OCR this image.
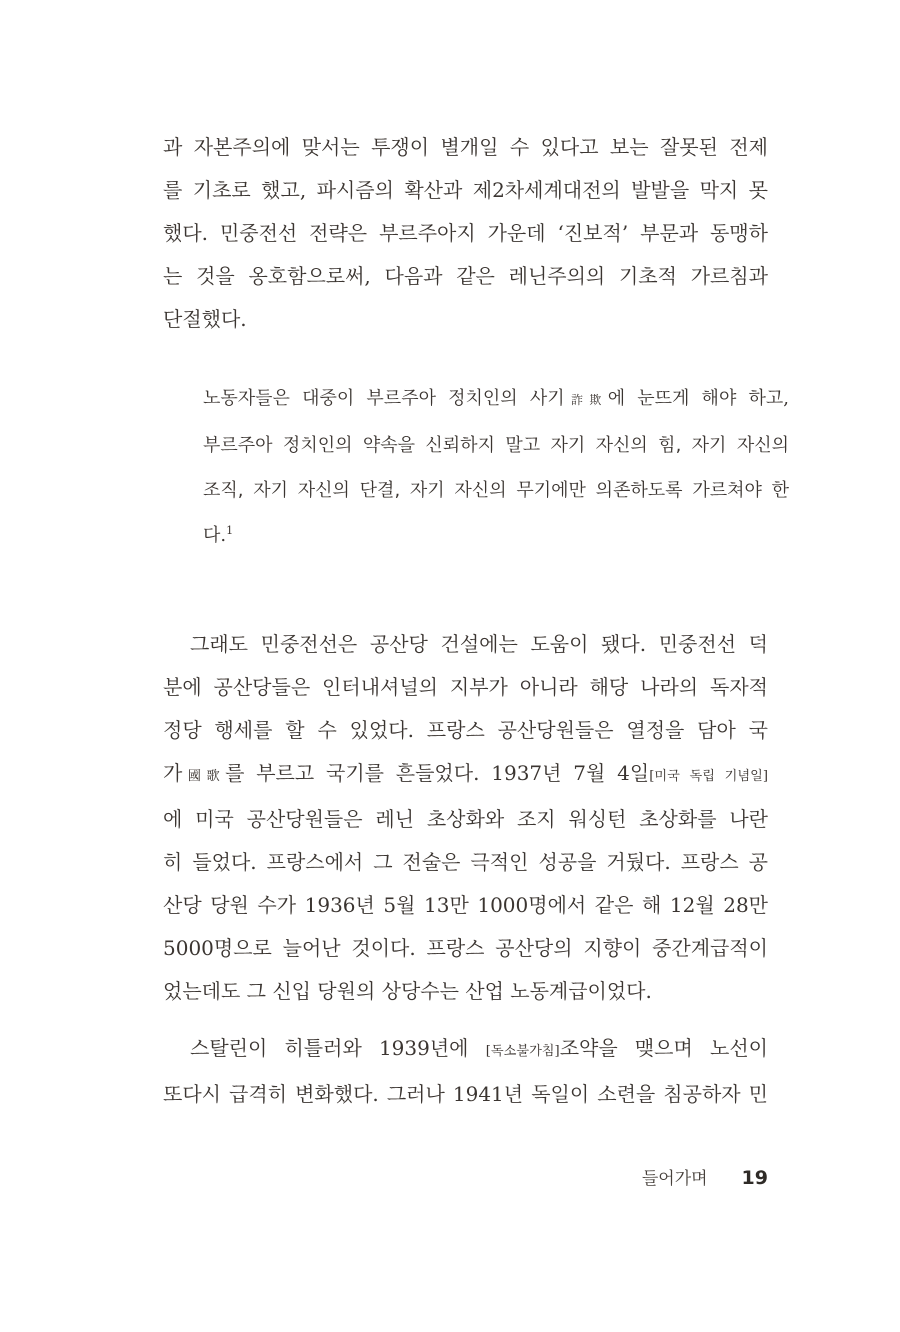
과 자본주의에 맞서는 투쟁이 별개일 수 있다고 보는 잘못된 전제
를 기초로 했고, 파시즘의 확산과 제2차세계대전의 발발을 막지 못
했다. 민중전선 전략은 부르주아지 가운데 ‘진보적’ 부문과 동맹하
는 것을 옹호함으로써, 다음과 같은 레닌주의의 기초적 가르침과
단절했다.
노동자들은 대중이 부르주아 정치인의 사기詐欺에 눈뜨게 해야 하고,
부르주아 정치인의 약속을 신뢰하지 말고 자기 자신의 힘, 자기 자신의
조직, 자기 자신의 단결, 자기 자신의 무기에만 의존하도록 가르쳐야 한
다.$^1$
그래도 민중전선은 공산당 건설에는 도움이 됐다. 민중전선 덕
분에 공산당들은 인터내셔널의 지부가 아니라 해당 나라의 독자적
정당 행세를 할 수 있었다. 프랑스 공산당원들은 열정을 담아 국
가國歌를 부르고 국기를 흔들었다. 1937년 7월 4일[미국 독립 기념일]
에 미국 공산당원들은 레닌 초상화와 조지 워싱턴 초상화를 나란
히 들었다. 프랑스에서 그 전술은 극적인 성공을 거뒀다. 프랑스 공
산당 당원 수가 1936년 5월 13만 1000명에서 같은 해 12월 28만
5000명으로 늘어난 것이다. 프랑스 공산당의 지향이 중간계급적이
었는데도 그 신입 당원의 상당수는 산업 노동계급이었다.
스탈린이 히틀러와 1939년에 [독소불가침]조약을 맺으며 노선이
또다시 급격히 변화했다. 그러나 1941년 독일이 소련을 침공하자 민
들어가며 19
